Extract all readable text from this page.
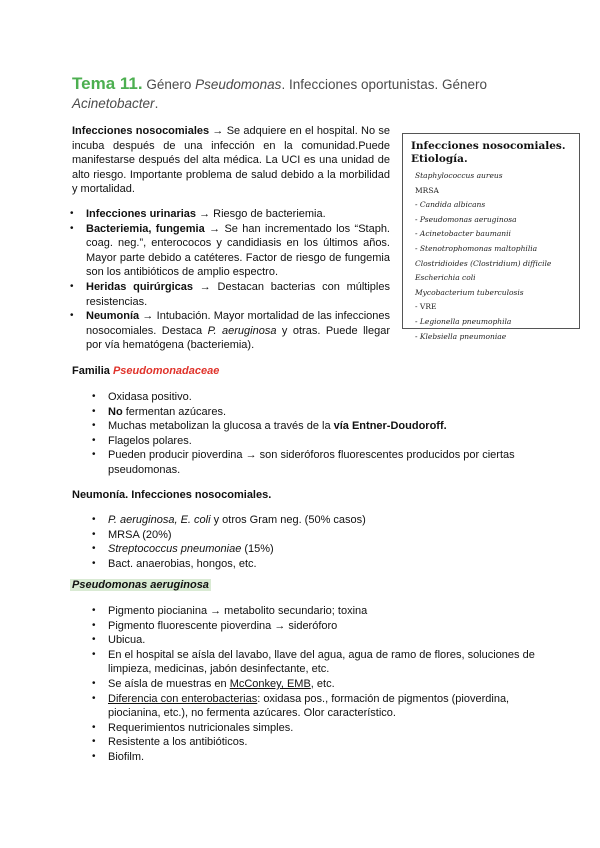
Tema 11. Género Pseudomonas. Infecciones oportunistas. Género Acinetobacter.
Infecciones nosocomiales → Se adquiere en el hospital. No se incuba después de una infección en la comunidad.Puede manifestarse después del alta médica. La UCI es una unidad de alto riesgo. Importante problema de salud debido a la morbilidad y mortalidad.
• Infecciones urinarias → Riesgo de bacteriemia.
• Bacteriemia, fungemia → Se han incrementado los “Staph. coag. neg.”, enterococos y candidiasis en los últimos años. Mayor parte debido a catéteres. Factor de riesgo de fungemia son los antibióticos de amplio espectro.
• Heridas quirúrgicas → Destacan bacterias con múltiples resistencias.
• Neumonía → Intubación. Mayor mortalidad de las infecciones nosocomiales. Destaca P. aeruginosa y otras. Puede llegar por vía hematógena (bacteriemia).
Infecciones nosocomiales. Etiología.
Staphylococcus aureus
MRSA
- Candida albicans
- Pseudomonas aeruginosa
- Acinetobacter baumanii
- Stenotrophomonas maltophilia
Clostridioides (Clostridium) difficile
Escherichia coli
Mycobacterium tuberculosis
- VRE
- Legionella pneumophila
- Klebsiella pneumoniae
Familia Pseudomonadaceae
• Oxidasa positivo.
• No fermentan azúcares.
• Muchas metabolizan la glucosa a través de la vía Entner-Doudoroff.
• Flagelos polares.
• Pueden producir pioverdina → son sideróforos fluorescentes producidos por ciertas pseudomonas.
Neumonía. Infecciones nosocomiales.
• P. aeruginosa, E. coli y otros Gram neg. (50% casos)
• MRSA (20%)
• Streptococcus pneumoniae (15%)
• Bact. anaerobias, hongos, etc.
Pseudomonas aeruginosa
• Pigmento piocianina → metabolito secundario; toxina
• Pigmento fluorescente pioverdina → sideróforo
• Ubicua.
• En el hospital se aísla del lavabo, llave del agua, agua de ramo de flores, soluciones de limpieza, medicinas, jabón desinfectante, etc.
• Se aísla de muestras en McConkey, EMB, etc.
• Diferencia con enterobacterias: oxidasa pos., formación de pigmentos (pioverdina, piocianina, etc.), no fermenta azúcares. Olor característico.
• Requerimientos nutricionales simples.
• Resistente a los antibióticos.
• Biofilm.
